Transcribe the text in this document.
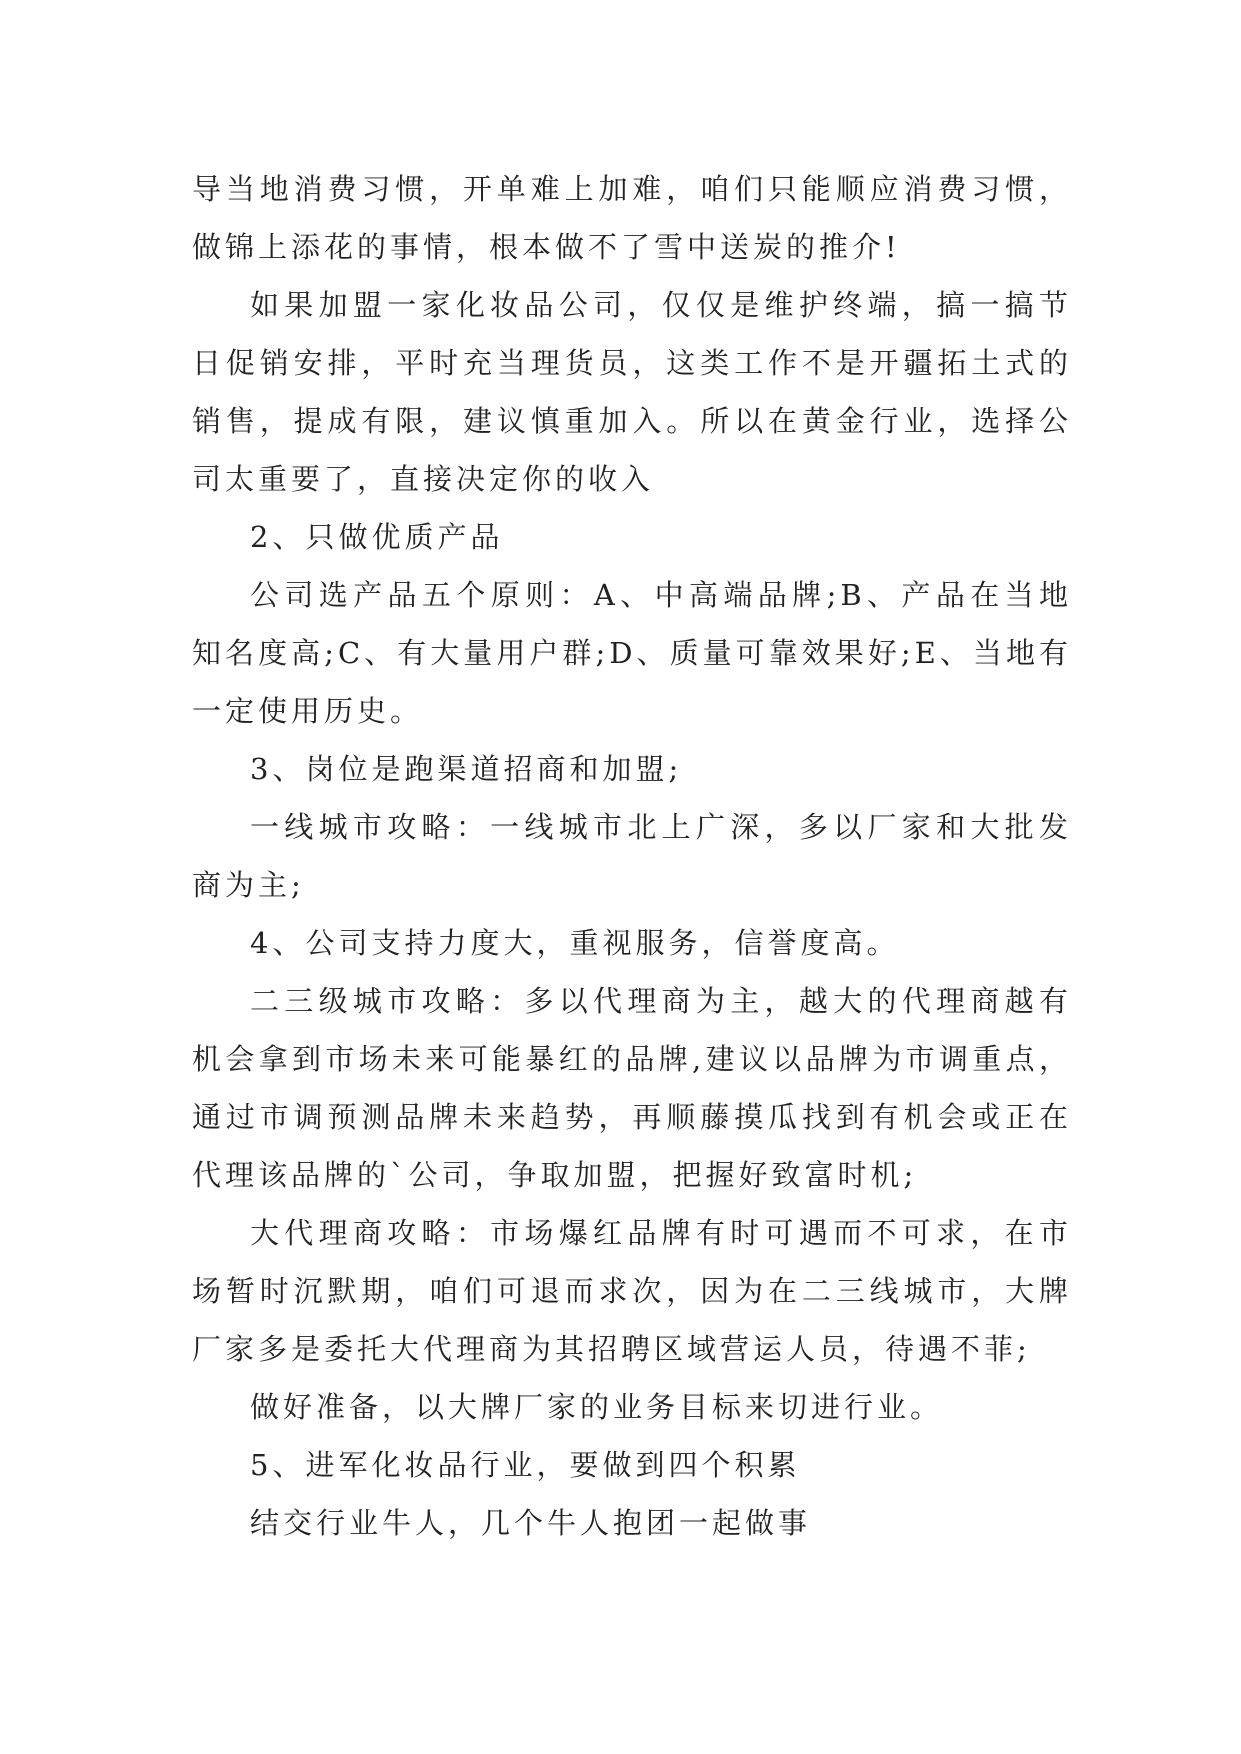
导当地消费习惯，开单难上加难，咱们只能顺应消费习惯，做锦上添花的事情，根本做不了雪中送炭的推介!

如果加盟一家化妆品公司，仅仅是维护终端，搞一搞节日促销安排，平时充当理货员，这类工作不是开疆拓土式的销售，提成有限，建议慎重加入。所以在黄金行业，选择公司太重要了，直接决定你的收入

2、只做优质产品

公司选产品五个原则：A、中高端品牌;B、产品在当地知名度高;C、有大量用户群;D、质量可靠效果好;E、当地有一定使用历史。

3、岗位是跑渠道招商和加盟;

一线城市攻略：一线城市北上广深，多以厂家和大批发商为主;

4、公司支持力度大，重视服务，信誉度高。

二三级城市攻略：多以代理商为主，越大的代理商越有机会拿到市场未来可能暴红的品牌,建议以品牌为市调重点，通过市调预测品牌未来趋势，再顺藤摸瓜找到有机会或正在代理该品牌的`公司，争取加盟，把握好致富时机;

大代理商攻略：市场爆红品牌有时可遇而不可求，在市场暂时沉默期，咱们可退而求次，因为在二三线城市，大牌厂家多是委托大代理商为其招聘区域营运人员，待遇不菲;

做好准备，以大牌厂家的业务目标来切进行业。

5、进军化妆品行业，要做到四个积累

结交行业牛人，几个牛人抱团一起做事
